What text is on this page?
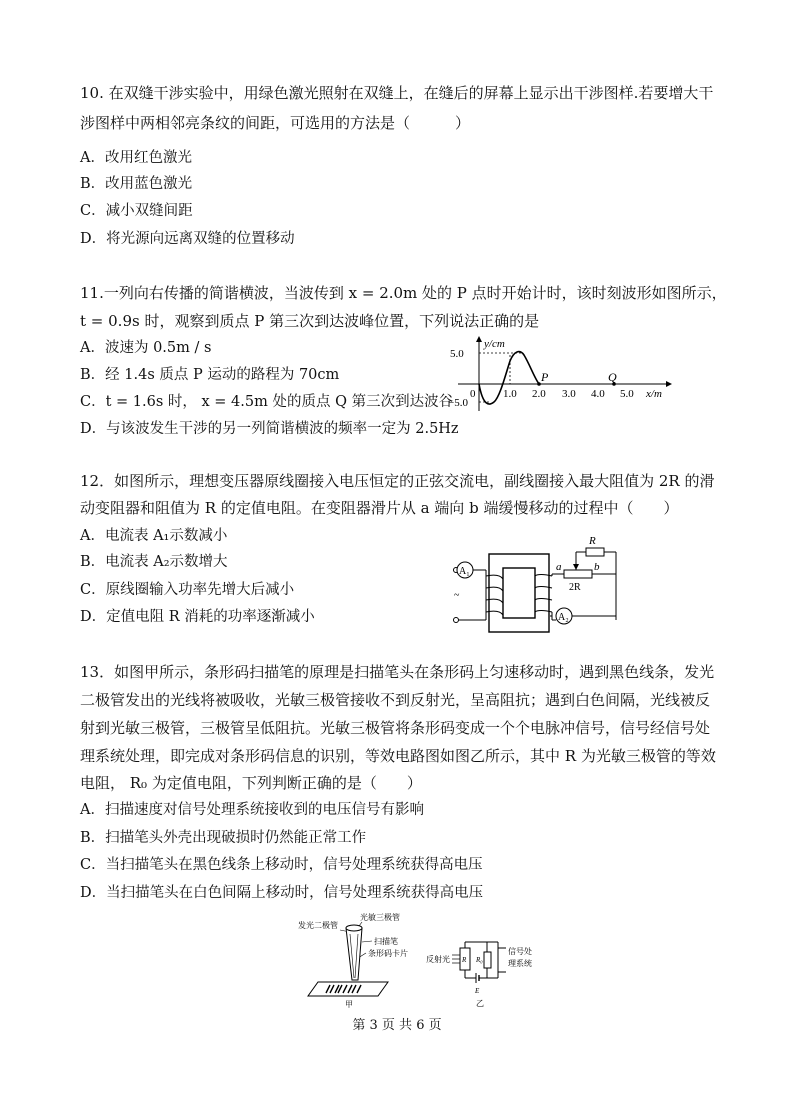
10. 在双缝干涉实验中，用绿色激光照射在双缝上，在缝后的屏幕上显示出干涉图样.若要增大干
涉图样中两相邻亮条纹的间距，可选用的方法是（　　　）
A．改用红色激光
B．改用蓝色激光
C．减小双缝间距
D．将光源向远离双缝的位置移动
11.一列向右传播的简谐横波，当波传到 x = 2.0m 处的 P 点时开始计时，该时刻波形如图所示，
t = 0.9s 时，观察到质点 P 第三次到达波峰位置，下列说法正确的是
A．波速为 0.5m / s
B．经 1.4s 质点 P 运动的路程为 70cm
C．t = 1.6s 时， x = 4.5m 处的质点 Q 第三次到达波谷
D．与该波发生干涉的另一列简谐横波的频率一定为 2.5Hz
y/cm
5.0
−5.0
0
P	Q
1.0 2.0 3.0 4.0 5.0 x/m
12．如图所示，理想变压器原线圈接入电压恒定的正弦交流电，副线圈接入最大阻值为 2R 的滑
动变阻器和阻值为 R 的定值电阻。在变阻器滑片从 a 端向 b 端缓慢移动的过程中（　　）
A．电流表 A₁示数减小
B．电流表 A₂示数增大
C．原线圈输入功率先增大后减小
D．定值电阻 R 消耗的功率逐渐减小
A₁
~
a	b
2R
R
A₂
13．如图甲所示，条形码扫描笔的原理是扫描笔头在条形码上匀速移动时，遇到黑色线条，发光
二极管发出的光线将被吸收，光敏三极管接收不到反射光，呈高阻抗；遇到白色间隔，光线被反
射到光敏三极管，三极管呈低阻抗。光敏三极管将条形码变成一个个电脉冲信号，信号经信号处
理系统处理，即完成对条形码信息的识别，等效电路图如图乙所示，其中 R 为光敏三极管的等效
电阻， R₀ 为定值电阻，下列判断正确的是（　　）
A．扫描速度对信号处理系统接收到的电压信号有影响
B．扫描笔头外壳出现破损时仍然能正常工作
C．当扫描笔头在黑色线条上移动时，信号处理系统获得高电压
D．当扫描笔头在白色间隔上移动时，信号处理系统获得高电压
发光二极管
光敏三极管
扫描笔
条形码卡片
甲
反射光 R
E
R₀
信号处
理系统
乙
第 3 页 共 6 页
